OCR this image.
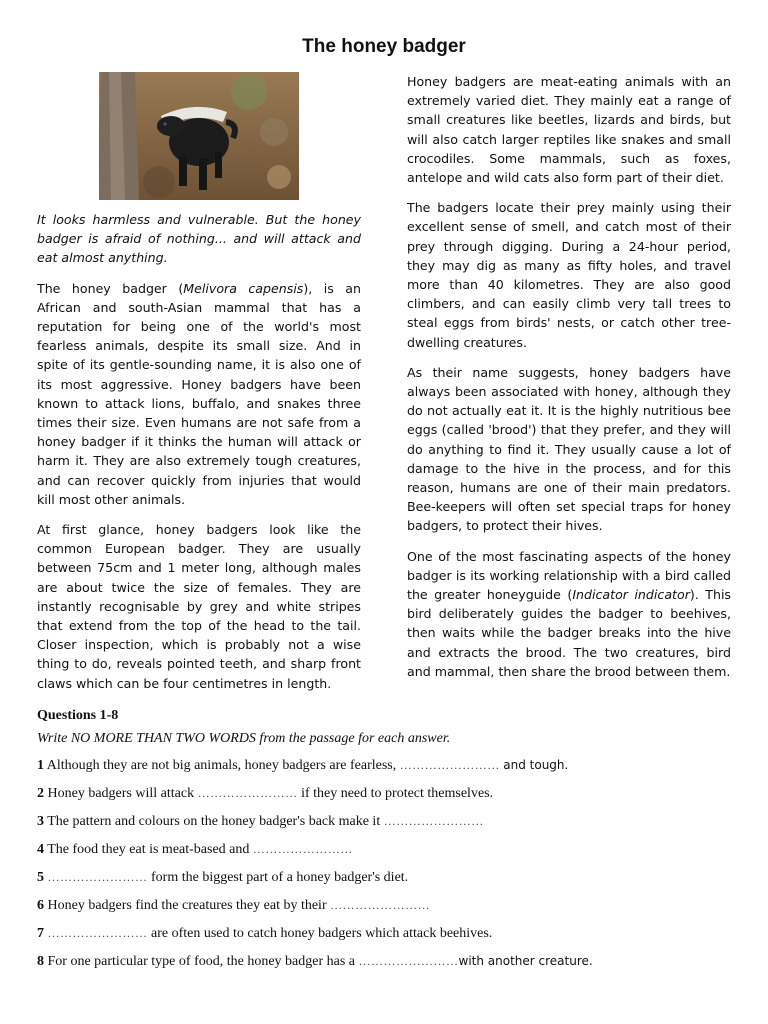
The honey badger

It looks harmless and vulnerable. But the honey badger is afraid of nothing... and will attack and eat almost anything.

The honey badger (Melivora capensis), is an African and south-Asian mammal that has a reputation for being one of the world's most fearless animals, despite its small size. And in spite of its gentle-sounding name, it is also one of its most aggressive. Honey badgers have been known to attack lions, buffalo, and snakes three times their size. Even humans are not safe from a honey badger if it thinks the human will attack or harm it. They are also extremely tough creatures, and can recover quickly from injuries that would kill most other animals.

At first glance, honey badgers look like the common European badger. They are usually between 75cm and 1 meter long, although males are about twice the size of females. They are instantly recognisable by grey and white stripes that extend from the top of the head to the tail. Closer inspection, which is probably not a wise thing to do, reveals pointed teeth, and sharp front claws which can be four centimetres in length.

Honey badgers are meat-eating animals with an extremely varied diet. They mainly eat a range of small creatures like beetles, lizards and birds, but will also catch larger reptiles like snakes and small crocodiles. Some mammals, such as foxes, antelope and wild cats also form part of their diet.

The badgers locate their prey mainly using their excellent sense of smell, and catch most of their prey through digging. During a 24-hour period, they may dig as many as fifty holes, and travel more than 40 kilometres. They are also good climbers, and can easily climb very tall trees to steal eggs from birds' nests, or catch other tree-dwelling creatures.

As their name suggests, honey badgers have always been associated with honey, although they do not actually eat it. It is the highly nutritious bee eggs (called 'brood') that they prefer, and they will do anything to find it. They usually cause a lot of damage to the hive in the process, and for this reason, humans are one of their main predators. Bee-keepers will often set special traps for honey badgers, to protect their hives.

One of the most fascinating aspects of the honey badger is its working relationship with a bird called the greater honeyguide (Indicator indicator). This bird deliberately guides the badger to beehives, then waits while the badger breaks into the hive and extracts the brood. The two creatures, bird and mammal, then share the brood between them.

Questions 1-8
Write NO MORE THAN TWO WORDS from the passage for each answer.
1 Although they are not big animals, honey badgers are fearless, …………………… and tough.
2 Honey badgers will attack …………………… if they need to protect themselves.
3 The pattern and colours on the honey badger's back make it ……………………
4 The food they eat is meat-based and ……………………
5 …………………… form the biggest part of a honey badger's diet.
6 Honey badgers find the creatures they eat by their ……………………
7 …………………… are often used to catch honey badgers which attack beehives.
8 For one particular type of food, the honey badger has a ……………………with another creature.
